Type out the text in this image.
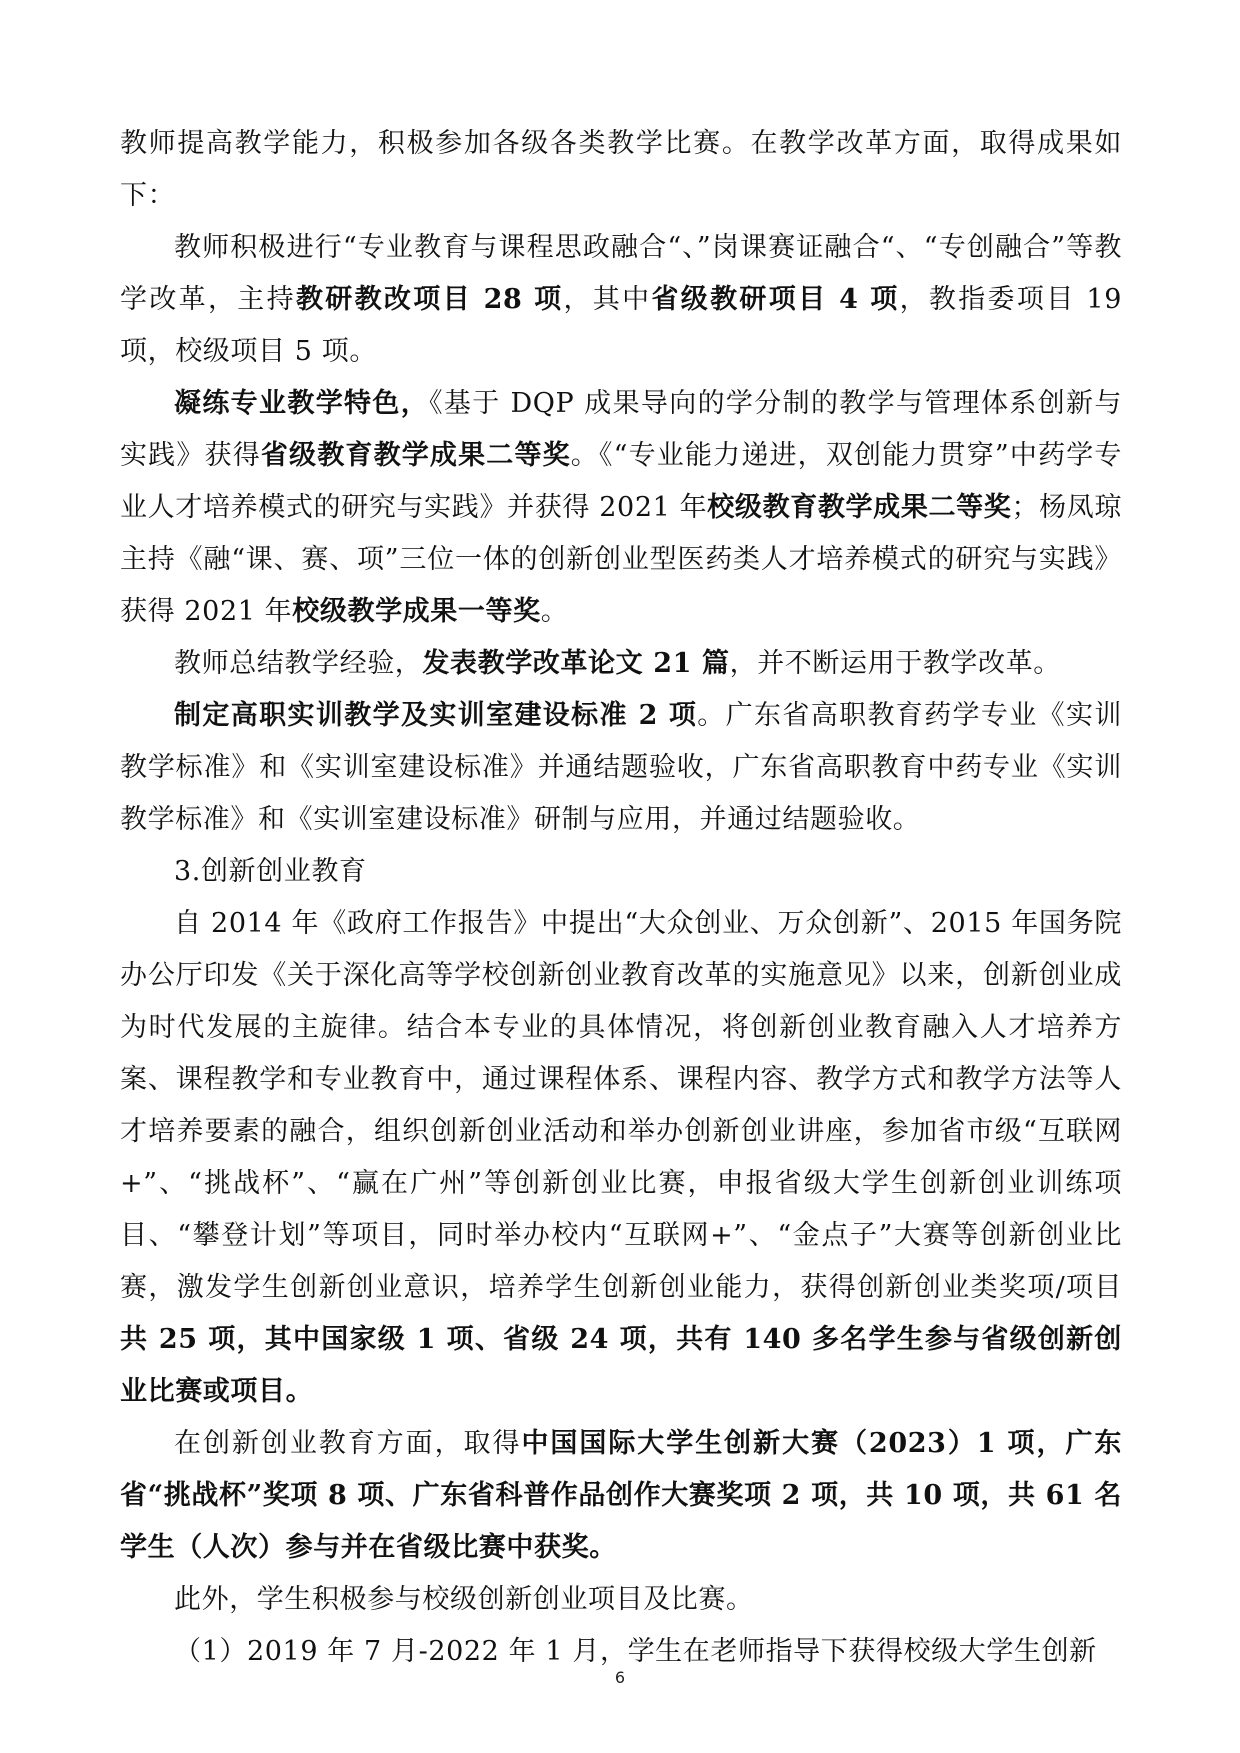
教师提高教学能力，积极参加各级各类教学比赛。在教学改革方面，取得成果如下：

教师积极进行“专业教育与课程思政融合“、”岗课赛证融合“、“专创融合”等教学改革，主持教研教改项目 28 项，其中省级教研项目 4 项，教指委项目 19 项，校级项目 5 项。

凝练专业教学特色，《基于 DQP 成果导向的学分制的教学与管理体系创新与实践》获得省级教育教学成果二等奖。《“专业能力递进，双创能力贯穿”中药学专业人才培养模式的研究与实践》并获得 2021 年校级教育教学成果二等奖；杨凤琼主持《融“课、赛、项”三位一体的创新创业型医药类人才培养模式的研究与实践》获得 2021 年校级教学成果一等奖。

教师总结教学经验，发表教学改革论文 21 篇，并不断运用于教学改革。

制定高职实训教学及实训室建设标准 2 项。广东省高职教育药学专业《实训教学标准》和《实训室建设标准》并通结题验收，广东省高职教育中药专业《实训教学标准》和《实训室建设标准》研制与应用，并通过结题验收。

3.创新创业教育

自 2014 年《政府工作报告》中提出“大众创业、万众创新”、2015 年国务院办公厅印发《关于深化高等学校创新创业教育改革的实施意见》以来，创新创业成为时代发展的主旋律。结合本专业的具体情况，将创新创业教育融入人才培养方案、课程教学和专业教育中，通过课程体系、课程内容、教学方式和教学方法等人才培养要素的融合，组织创新创业活动和举办创新创业讲座，参加省市级“互联网+”、“挑战杯”、“赢在广州”等创新创业比赛，申报省级大学生创新创业训练项目、“攀登计划”等项目，同时举办校内“互联网+”、“金点子”大赛等创新创业比赛，激发学生创新创业意识，培养学生创新创业能力，获得创新创业类奖项/项目共 25 项，其中国家级 1 项、省级 24 项，共有 140 多名学生参与省级创新创业比赛或项目。

在创新创业教育方面，取得中国国际大学生创新大赛（2023）1 项，广东省“挑战杯”奖项 8 项、广东省科普作品创作大赛奖项 2 项，共 10 项，共 61 名学生（人次）参与并在省级比赛中获奖。

此外，学生积极参与校级创新创业项目及比赛。

（1）2019 年 7 月-2022 年 1 月，学生在老师指导下获得校级大学生创新

6
